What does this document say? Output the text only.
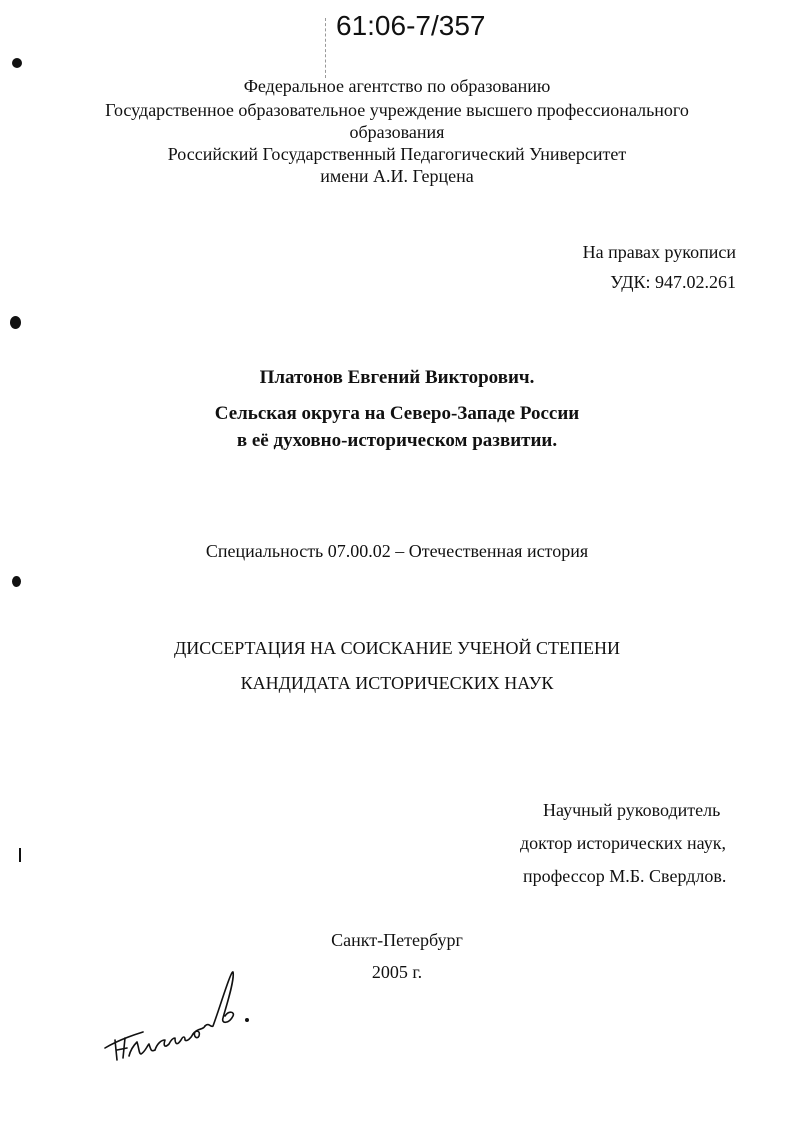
61:06-7/357
Федеральное агентство по образованию
Государственное образовательное учреждение высшего профессионального
образования
Российский Государственный Педагогический Университет
имени А.И. Герцена
На правах рукописи
УДК: 947.02.261
Платонов Евгений Викторович.
Сельская округа на Северо-Западе России
в её духовно-историческом развитии.
Специальность 07.00.02 – Отечественная история
ДИССЕРТАЦИЯ НА СОИСКАНИЕ УЧЕНОЙ СТЕПЕНИ
КАНДИДАТА ИСТОРИЧЕСКИХ НАУК
Научный руководитель
доктор исторических наук,
профессор М.Б. Свердлов.
Санкт-Петербург
2005 г.
